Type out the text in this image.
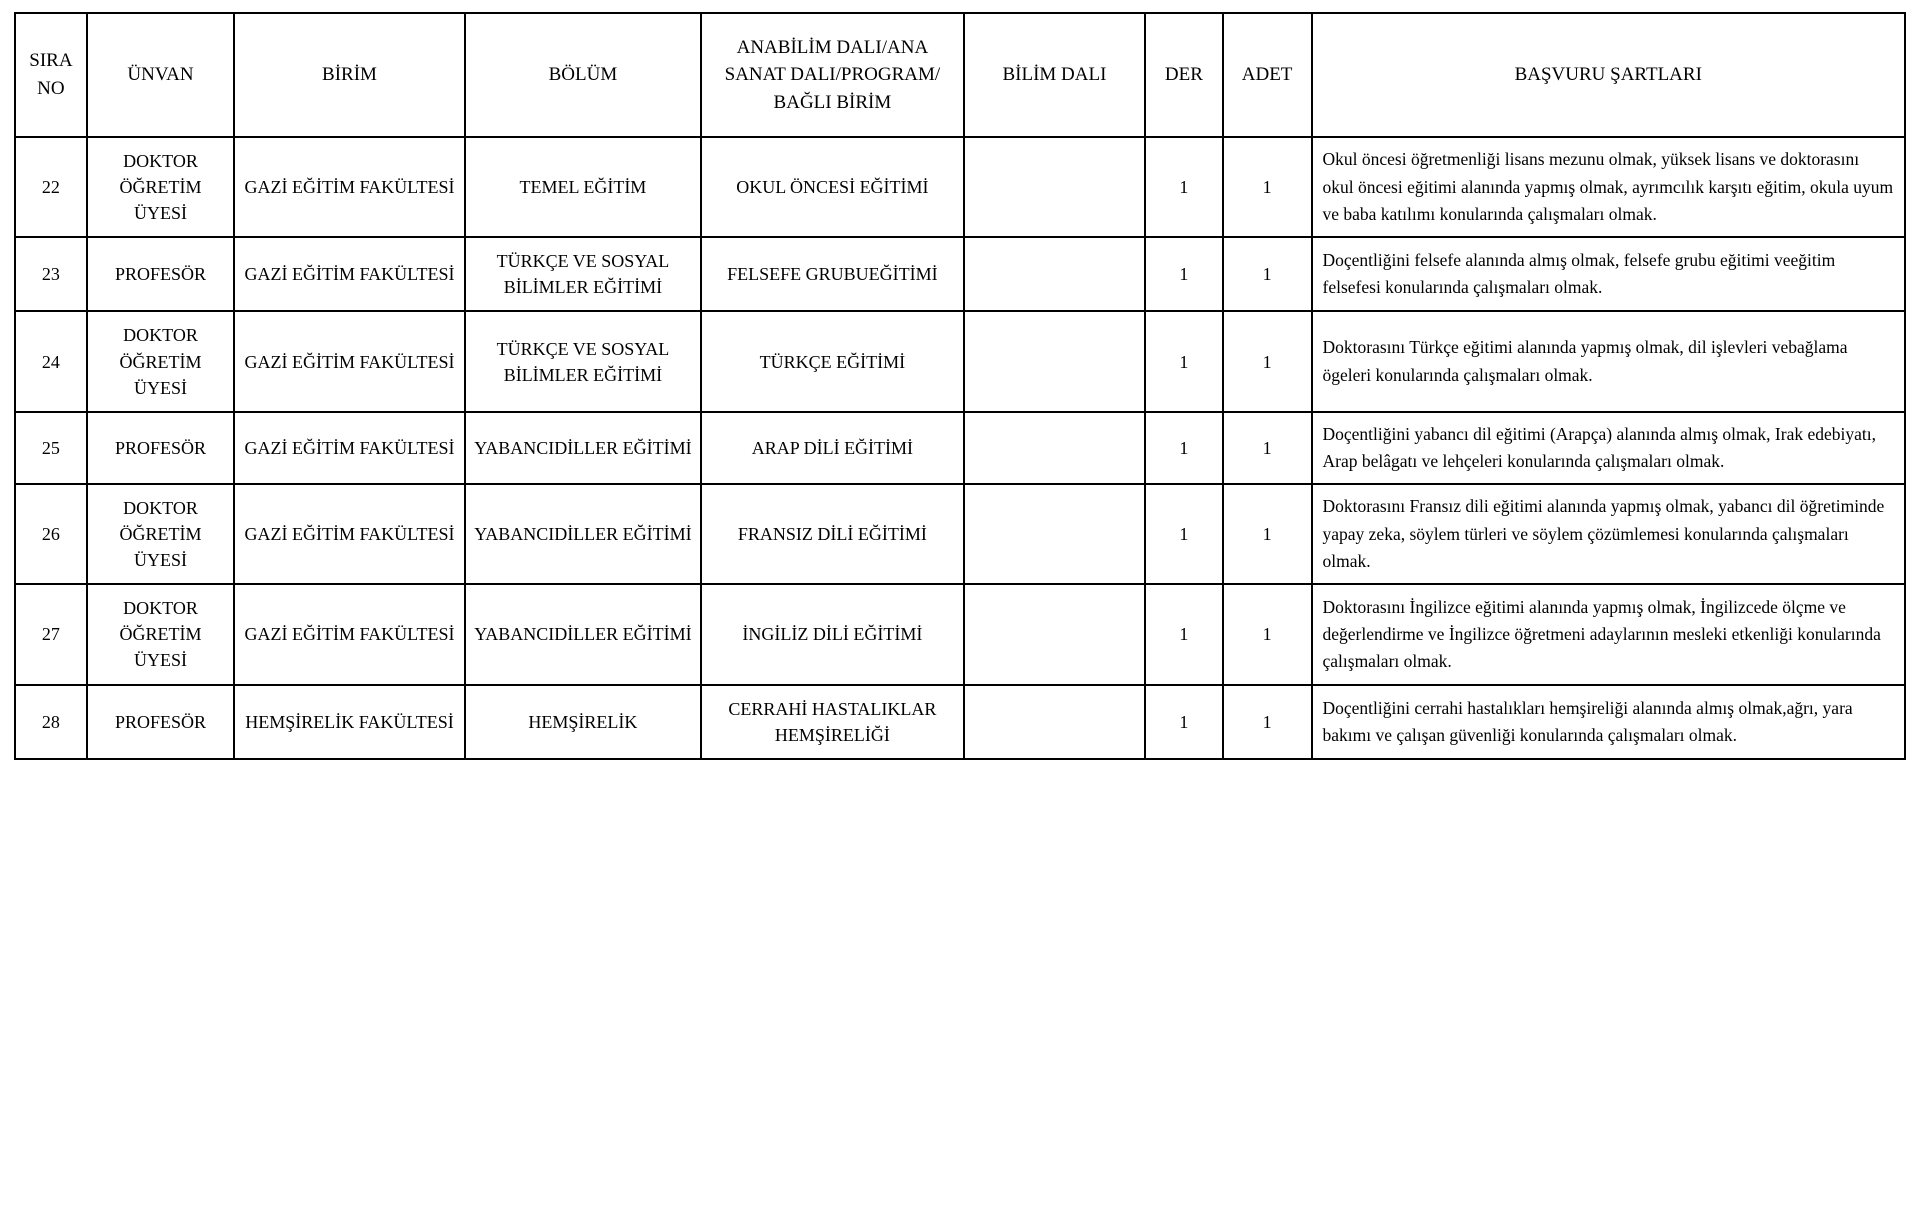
SIRA NO	ÜNVAN	BİRİM	BÖLÜM	ANABİLİM DALI/ANA SANAT DALI/PROGRAM/ BAĞLI BİRİM	BİLİM DALI	DER	ADET	BAŞVURU ŞARTLARI
22	DOKTOR ÖĞRETİM ÜYESİ	GAZİ EĞİTİM FAKÜLTESİ	TEMEL EĞİTİM	OKUL ÖNCESİ EĞİTİMİ		1	1	Okul öncesi öğretmenliği lisans mezunu olmak, yüksek lisans ve doktorasını okul öncesi eğitimi alanında yapmış olmak, ayrımcılık karşıtı eğitim, okula uyum ve baba katılımı konularında çalışmaları olmak.
23	PROFESÖR	GAZİ EĞİTİM FAKÜLTESİ	TÜRKÇE VE SOSYAL BİLİMLER EĞİTİMİ	FELSEFE GRUBUEĞİTİMİ		1	1	Doçentliğini felsefe alanında almış olmak, felsefe grubu eğitimi veeğitim felsefesi konularında çalışmaları olmak.
24	DOKTOR ÖĞRETİM ÜYESİ	GAZİ EĞİTİM FAKÜLTESİ	TÜRKÇE VE SOSYAL BİLİMLER EĞİTİMİ	TÜRKÇE EĞİTİMİ		1	1	Doktorasını Türkçe eğitimi alanında yapmış olmak, dil işlevleri vebağlama ögeleri konularında çalışmaları olmak.
25	PROFESÖR	GAZİ EĞİTİM FAKÜLTESİ	YABANCIDİLLER EĞİTİMİ	ARAP DİLİ EĞİTİMİ		1	1	Doçentliğini yabancı dil eğitimi (Arapça) alanında almış olmak, Irak edebiyatı, Arap belâgatı ve lehçeleri konularında çalışmaları olmak.
26	DOKTOR ÖĞRETİM ÜYESİ	GAZİ EĞİTİM FAKÜLTESİ	YABANCIDİLLER EĞİTİMİ	FRANSIZ DİLİ EĞİTİMİ		1	1	Doktorasını Fransız dili eğitimi alanında yapmış olmak, yabancı dil öğretiminde yapay zeka, söylem türleri ve söylem çözümlemesi konularında çalışmaları olmak.
27	DOKTOR ÖĞRETİM ÜYESİ	GAZİ EĞİTİM FAKÜLTESİ	YABANCIDİLLER EĞİTİMİ	İNGİLİZ DİLİ EĞİTİMİ		1	1	Doktorasını İngilizce eğitimi alanında yapmış olmak, İngilizcede ölçme ve değerlendirme ve İngilizce öğretmeni adaylarının mesleki etkenliği konularında çalışmaları olmak.
28	PROFESÖR	HEMŞİRELİK FAKÜLTESİ	HEMŞİRELİK	CERRAHİ HASTALIKLAR HEMŞİRELİĞİ		1	1	Doçentliğini cerrahi hastalıkları hemşireliği alanında almış olmak,ağrı, yara bakımı ve çalışan güvenliği konularında çalışmaları olmak.
